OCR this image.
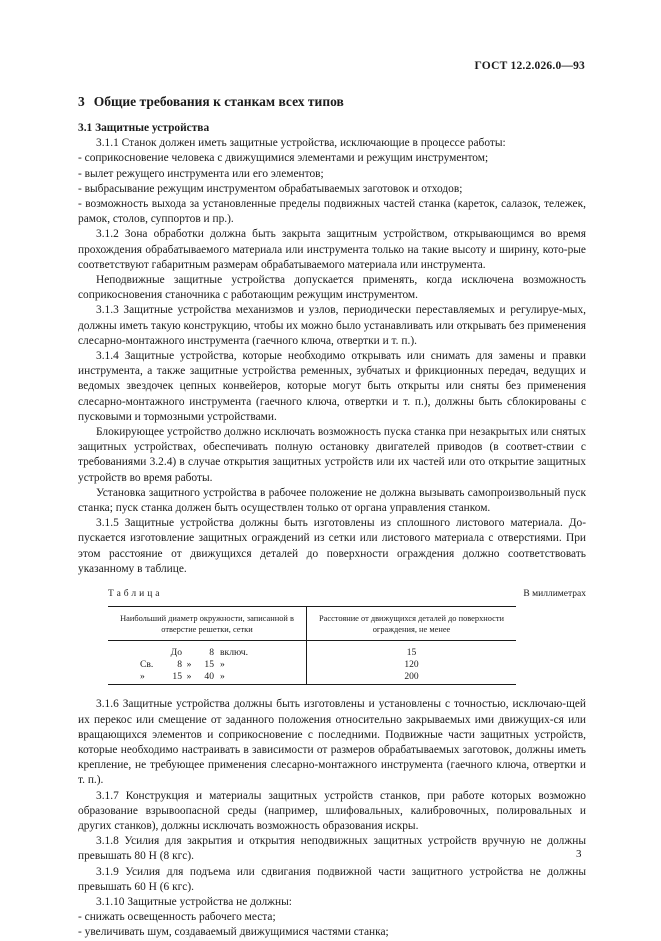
ГОСТ 12.2.026.0—93
3 Общие требования к станкам всех типов

3.1 Защитные устройства

3.1.1 Станок должен иметь защитные устройства, исключающие в процессе работы:

- соприкосновение человека с движущимися элементами и режущим инструментом;

- вылет режущего инструмента или его элементов;

- выбрасывание режущим инструментом обрабатываемых заготовок и отходов;

- возможность выхода за установленные пределы подвижных частей станка (кареток, салазок, тележек, рамок, столов, суппортов и пр.).

3.1.2 Зона обработки должна быть закрыта защитным устройством, открывающимся во время прохождения обрабатываемого материала или инструмента только на такие высоту и ширину, кото-рые соответствуют габаритным размерам обрабатываемого материала или инструмента.

Неподвижные защитные устройства допускается применять, когда исключена возможность соприкосновения станочника с работающим режущим инструментом.

3.1.3 Защитные устройства механизмов и узлов, периодически переставляемых и регулируе-мых, должны иметь такую конструкцию, чтобы их можно было устанавливать или открывать без применения слесарно-монтажного инструмента (гаечного ключа, отвертки и т. п.).

3.1.4 Защитные устройства, которые необходимо открывать или снимать для замены и правки инструмента, а также защитные устройства ременных, зубчатых и фрикционных передач, ведущих и ведомых звездочек цепных конвейеров, которые могут быть открыты или сняты без применения слесарно-монтажного инструмента (гаечного ключа, отвертки и т. п.), должны быть сблокированы с пусковыми и тормозными устройствами.

Блокирующее устройство должно исключать возможность пуска станка при незакрытых или снятых защитных устройствах, обеспечивать полную остановку двигателей приводов (в соответ-ствии с требованиями 3.2.4) в случае открытия защитных устройств или их частей или ото открытие защитных устройств во время работы.

Установка защитного устройства в рабочее положение не должна вызывать самопроизвольный пуск станка; пуск станка должен быть осуществлен только от органа управления станком.

3.1.5 Защитные устройства должны быть изготовлены из сплошного листового материала. До-пускается изготовление защитных ограждений из сетки или листового материала с отверстиями. При этом расстояние от движущихся деталей до поверхности ограждения должно соответствовать указанному в таблице.

Таблица	В миллиметрах
Наибольший диаметр окружности, записанной в отверстие решетки, сетки	Расстояние от движущихся деталей до поверхности ограждения, не менее

До 8 включ.	15

Св. 8 » 15 »	120

» 15 » 40 »	200

3.1.6 Защитные устройства должны быть изготовлены и установлены с точностью, исключаю-щей их перекос или смещение от заданного положения относительно закрываемых ими движущих-ся или вращающихся элементов и соприкосновение с последними. Подвижные части защитных устройств, которые необходимо настраивать в зависимости от размеров обрабатываемых заготовок, должны иметь крепление, не требующее применения слесарно-монтажного инструмента (гаечного ключа, отвертки и т. п.).

3.1.7 Конструкция и материалы защитных устройств станков, при работе которых возможно образование взрывоопасной среды (например, шлифовальных, калибровочных, полировальных и других станков), должны исключать возможность образования искры.

3.1.8 Усилия для закрытия и открытия неподвижных защитных устройств вручную не должны превышать 80 Н (8 кгс).

3.1.9 Усилия для подъема или сдвигания подвижной части защитного устройства не должны превышать 60 Н (6 кгс).

3.1.10 Защитные устройства не должны:

- снижать освещенность рабочего места;

- увеличивать шум, создаваемый движущимися частями станка;

3
